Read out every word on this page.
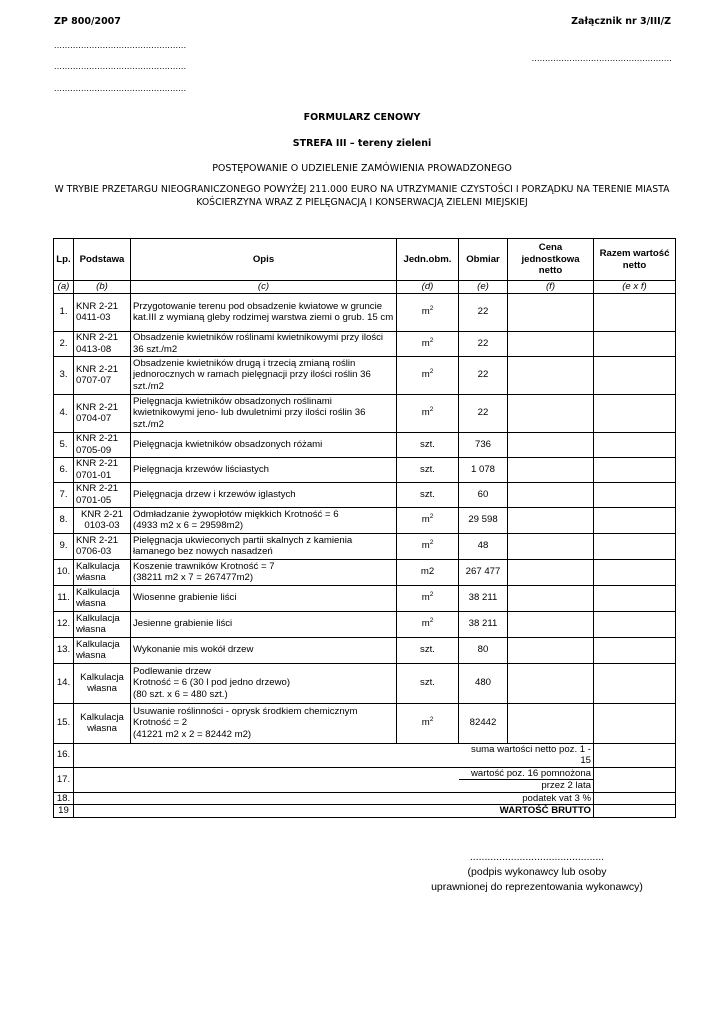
ZP 800/2007	Załącznik nr 3/III/Z
.................................................
.................................................
.................................................
....................................................
FORMULARZ CENOWY
STREFA III – tereny zieleni
POSTĘPOWANIE O UDZIELENIE ZAMÓWIENIA PROWADZONEGO
W TRYBIE PRZETARGU NIEOGRANICZONEGO POWYŻEJ 211.000 EURO NA UTRZYMANIE CZYSTOŚCI I PORZĄDKU NA TERENIE MIASTA KOŚCIERZYNA WRAZ Z PIELĘGNACJĄ I KONSERWACJĄ ZIELENI MIEJSKIEJ
Lp.	Podstawa	Opis	Jedn.obm.	Obmiar	Cena jednostkowa netto	Razem wartość netto
(a)	(b)	(c)	(d)	(e)	(f)	(e x f)
1.	KNR 2-21 0411-03	Przygotowanie terenu pod obsadzenie kwiatowe w gruncie kat.III z wymianą gleby rodzimej warstwa ziemi o grub. 15 cm	$m^2$	22		
2.	KNR 2-21 0413-08	Obsadzenie kwietników roślinami kwietnikowymi przy ilości 36 szt./m2	$m^2$	22		
3.	KNR 2-21 0707-07	Obsadzenie kwietników drugą i trzecią zmianą roślin jednorocznych w ramach pielęgnacji przy ilości roślin 36 szt./m2	$m^2$	22		
4.	KNR 2-21 0704-07	Pielęgnacja kwietników obsadzonych roślinami kwietnikowymi jeno- lub dwuletnimi przy ilości roślin 36 szt./m2	$m^2$	22		
5.	KNR 2-21 0705-09	Pielęgnacja kwietników obsadzonych różami	szt.	736		
6.	KNR 2-21 0701-01	Pielęgnacja krzewów liściastych	szt.	1 078		
7.	KNR 2-21 0701-05	Pielęgnacja drzew i krzewów iglastych	szt.	60		
8.	KNR 2-21 0103-03	Odmładzanie żywopłotów miękkich Krotność = 6
(4933 m2 x 6 = 29598m2)	$m^2$	29 598		
9.	KNR 2-21 0706-03	Pielęgnacja ukwieconych partii skalnych z kamienia łamanego bez nowych nasadzeń	$m^2$	48		
10.	Kalkulacja własna	Koszenie trawników Krotność = 7
(38211 m2 x 7 = 267477m2)	m2	267 477		
11.	Kalkulacja własna	Wiosenne grabienie liści	$m^2$	38 211		
12.	Kalkulacja własna	Jesienne grabienie liści	$m^2$	38 211		
13.	Kalkulacja własna	Wykonanie mis wokół drzew	szt.	80		
14.	Kalkulacja własna	Podlewanie drzew
Krotność = 6 (30 l pod jedno drzewo)
(80 szt. x 6 = 480 szt.)	szt.	480		
15.	Kalkulacja własna	Usuwanie roślinności - oprysk środkiem chemicznym
Krotność = 2
(41221 m2 x 2 = 82442 m2)	$m^2$	82442		
16.				suma wartości netto poz. 1 - 15		
17.				wartość poz. 16 pomnożona		
				przez 2 lata		
18.				podatek vat 3 %		
19				WARTOŚĆ BRUTTO		
..............................................
(podpis wykonawcy lub osoby
uprawnionej do reprezentowania wykonawcy)
